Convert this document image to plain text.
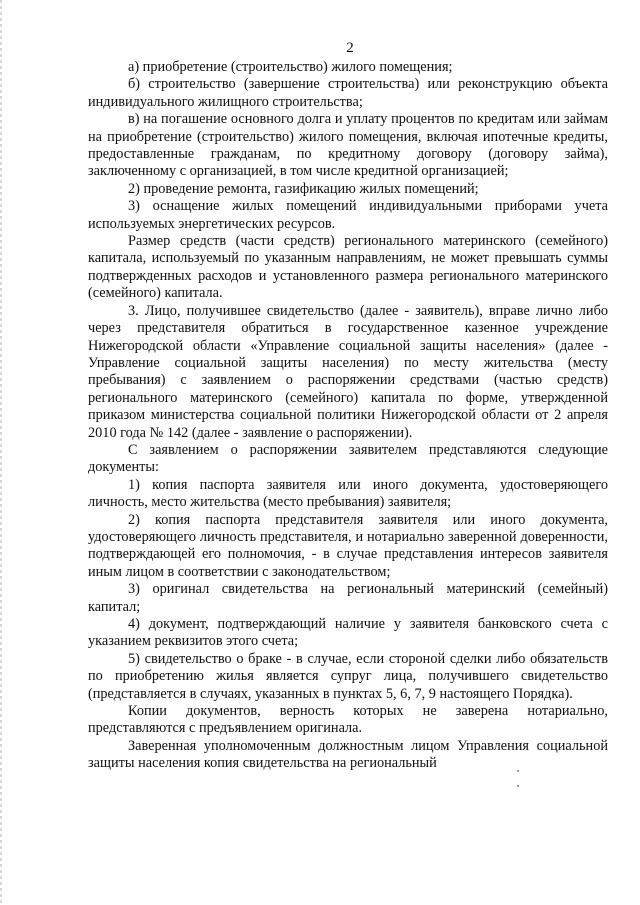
2

а) приобретение (строительство) жилого помещения;

б) строительство (завершение строительства) или реконструкцию объекта индивидуального жилищного строительства;

в) на погашение основного долга и уплату процентов по кредитам или займам на приобретение (строительство) жилого помещения, включая ипотечные кредиты, предоставленные гражданам, по кредитному договору (договору займа), заключенному с организацией, в том числе кредитной организацией;

2) проведение ремонта, газификацию жилых помещений;

3) оснащение жилых помещений индивидуальными приборами учета используемых энергетических ресурсов.

Размер средств (части средств) регионального материнского (семейного) капитала, используемый по указанным направлениям, не может превышать суммы подтвержденных расходов и установленного размера регионального материнского (семейного) капитала.

3. Лицо, получившее свидетельство (далее - заявитель), вправе лично либо через представителя обратиться в государственное казенное учреждение Нижегородской области «Управление социальной защиты населения» (далее - Управление социальной защиты населения) по месту жительства (месту пребывания) с заявлением о распоряжении средствами (частью средств) регионального материнского (семейного) капитала по форме, утвержденной приказом министерства социальной политики Нижегородской области от 2 апреля 2010 года № 142 (далее - заявление о распоряжении).

С заявлением о распоряжении заявителем представляются следующие документы:

1) копия паспорта заявителя или иного документа, удостоверяющего личность, место жительства (место пребывания) заявителя;

2) копия паспорта представителя заявителя или иного документа, удостоверяющего личность представителя, и нотариально заверенной доверенности, подтверждающей его полномочия, - в случае представления интересов заявителя иным лицом в соответствии с законодательством;

3) оригинал свидетельства на региональный материнский (семейный) капитал;

4) документ, подтверждающий наличие у заявителя банковского счета с указанием реквизитов этого счета;

5) свидетельство о браке - в случае, если стороной сделки либо обязательств по приобретению жилья является супруг лица, получившего свидетельство (представляется в случаях, указанных в пунктах 5, 6, 7, 9 настоящего Порядка).

Копии документов, верность которых не заверена нотариально, представляются с предъявлением оригинала.

Заверенная уполномоченным должностным лицом Управления социальной защиты населения копия свидетельства на региональный
